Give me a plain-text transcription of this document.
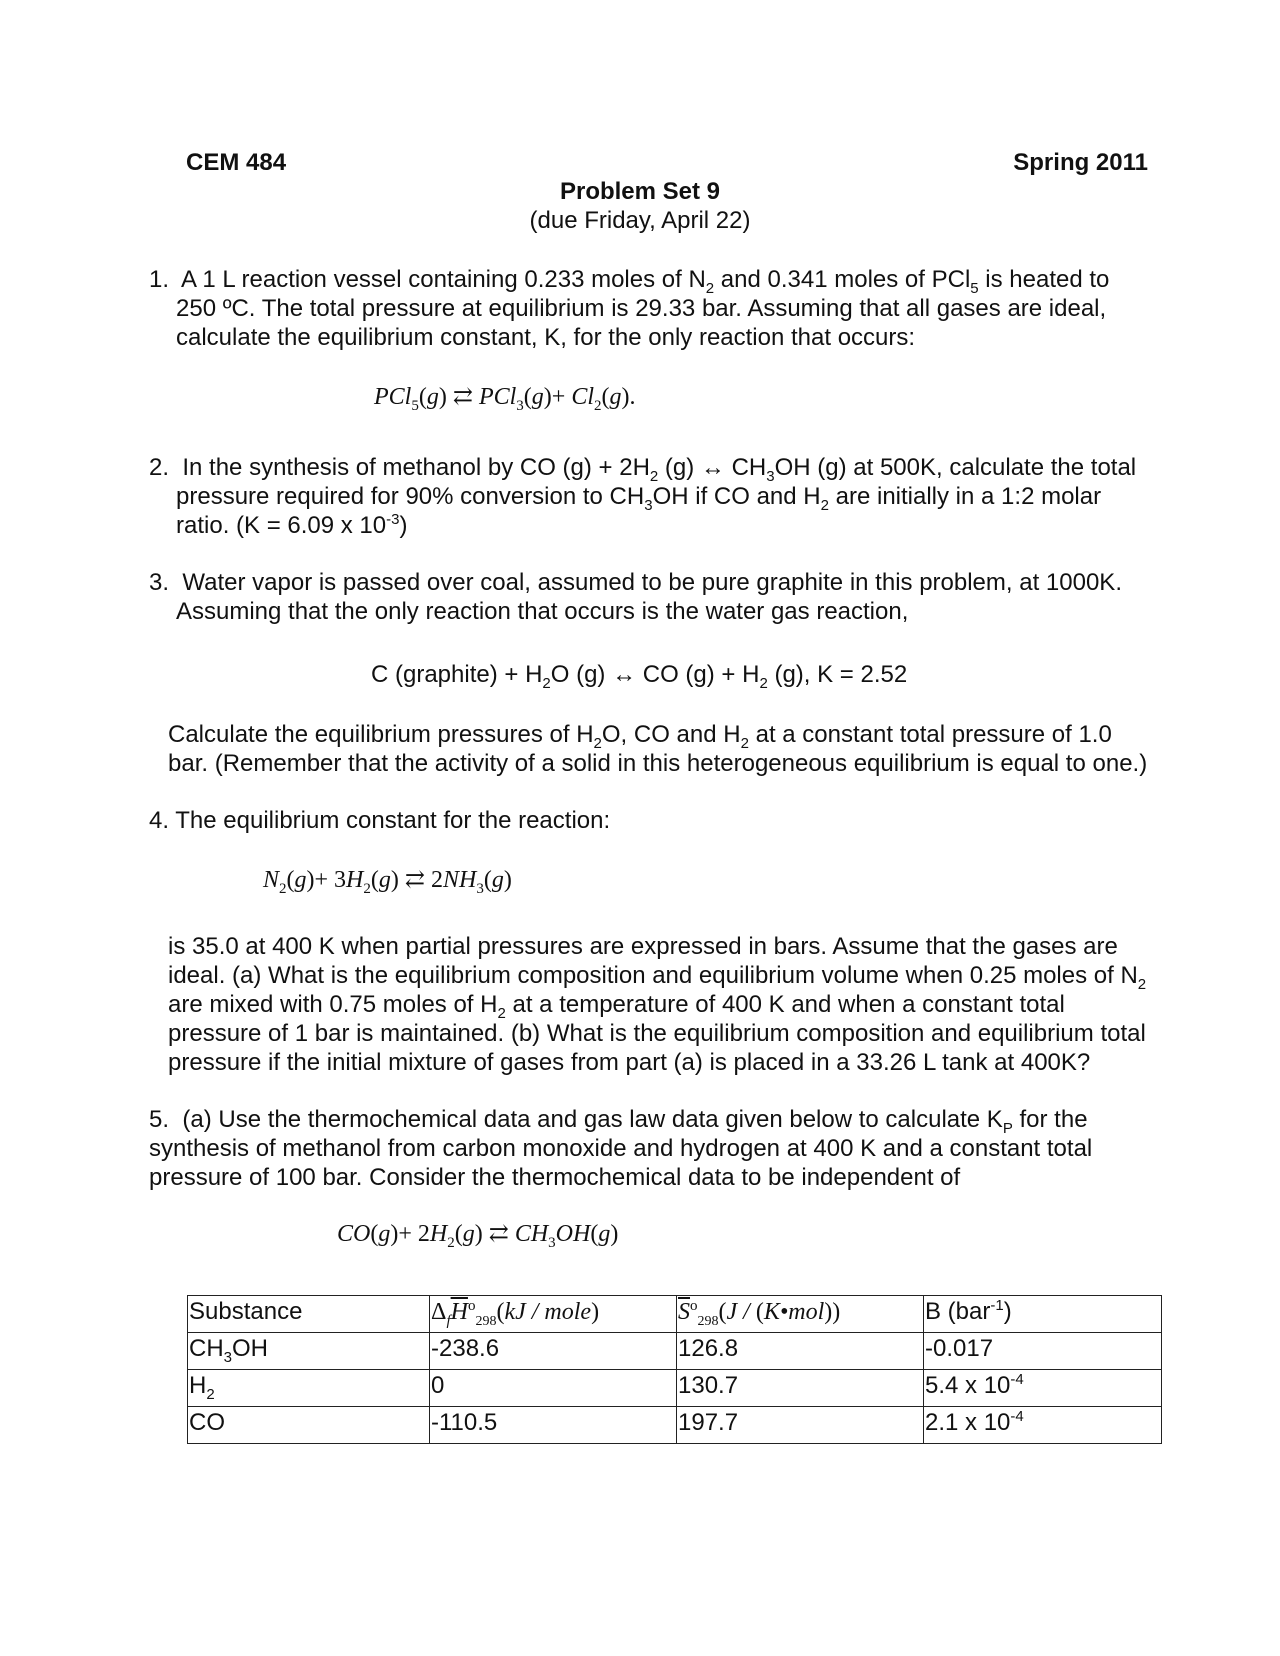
CEM 484	Spring 2011
Problem Set 9
(due Friday, April 22)
1. A 1 L reaction vessel containing 0.233 moles of $N_2$ and 0.341 moles of PCl$_5$ is heated to
250 ºC. The total pressure at equilibrium is 29.33 bar. Assuming that all gases are ideal,
calculate the equilibrium constant, K, for the only reaction that occurs:
PCl$_5$(g) ⇄ $PCl_3(g)+ Cl_2(g)$.
2. In the synthesis of methanol by CO $(g) + 2H_2$ (g) ↔ $CH_3OH$ (g) at 500K, calculate the total
pressure required for 90% conversion to $CH_3OH$ if CO and $H_2$ are initially in a 1:2 molar
ratio. (K = 6.09 x $10^{-3}$)
3. Water vapor is passed over coal, assumed to be pure graphite in this problem, at 1000K.
Assuming that the only reaction that occurs is the water gas reaction,
C (graphite) + $H_2O$ (g) ↔ CO $(g) + H_2$ (g), K = 2.52
Calculate the equilibrium pressures of $H_2O$, CO and $H_2$ at a constant total pressure of 1.0
bar. (Remember that the activity of a solid in this heterogeneous equilibrium is equal to one.)
4. The equilibrium constant for the reaction:
$N_2(g)+ 3H_2(g)$ ⇄ $2NH_3(g)$
is 35.0 at 400 K when partial pressures are expressed in bars. Assume that the gases are
ideal. (a) What is the equilibrium composition and equilibrium volume when 0.25 moles of $N_2$
are mixed with 0.75 moles of $H_2$ at a temperature of 400 K and when a constant total
pressure of 1 bar is maintained. (b) What is the equilibrium composition and equilibrium total
pressure if the initial mixture of gases from part (a) is placed in a 33.26 L tank at 400K?
5. (a) Use the thermochemical data and gas law data given below to calculate $K_P$ for the
synthesis of methanol from carbon monoxide and hydrogen at 400 K and a constant total
pressure of 100 bar. Consider the thermochemical data to be independent of
$CO(g)+ 2H_2(g)$ ⇄ $CH_3OH(g)$
Substance	$\Delta_f\overline{H}^o_{298}(kJ$ / mole)	$\overline{S}^o_{298}(J$ / (K•mol))	B (bar$^{-1}$)
$CH_3OH$	-238.6	126.8	-0.017
$H_2$	0	130.7	5.4 x $10^{-4}$
CO	-110.5	197.7	2.1 x $10^{-4}$
